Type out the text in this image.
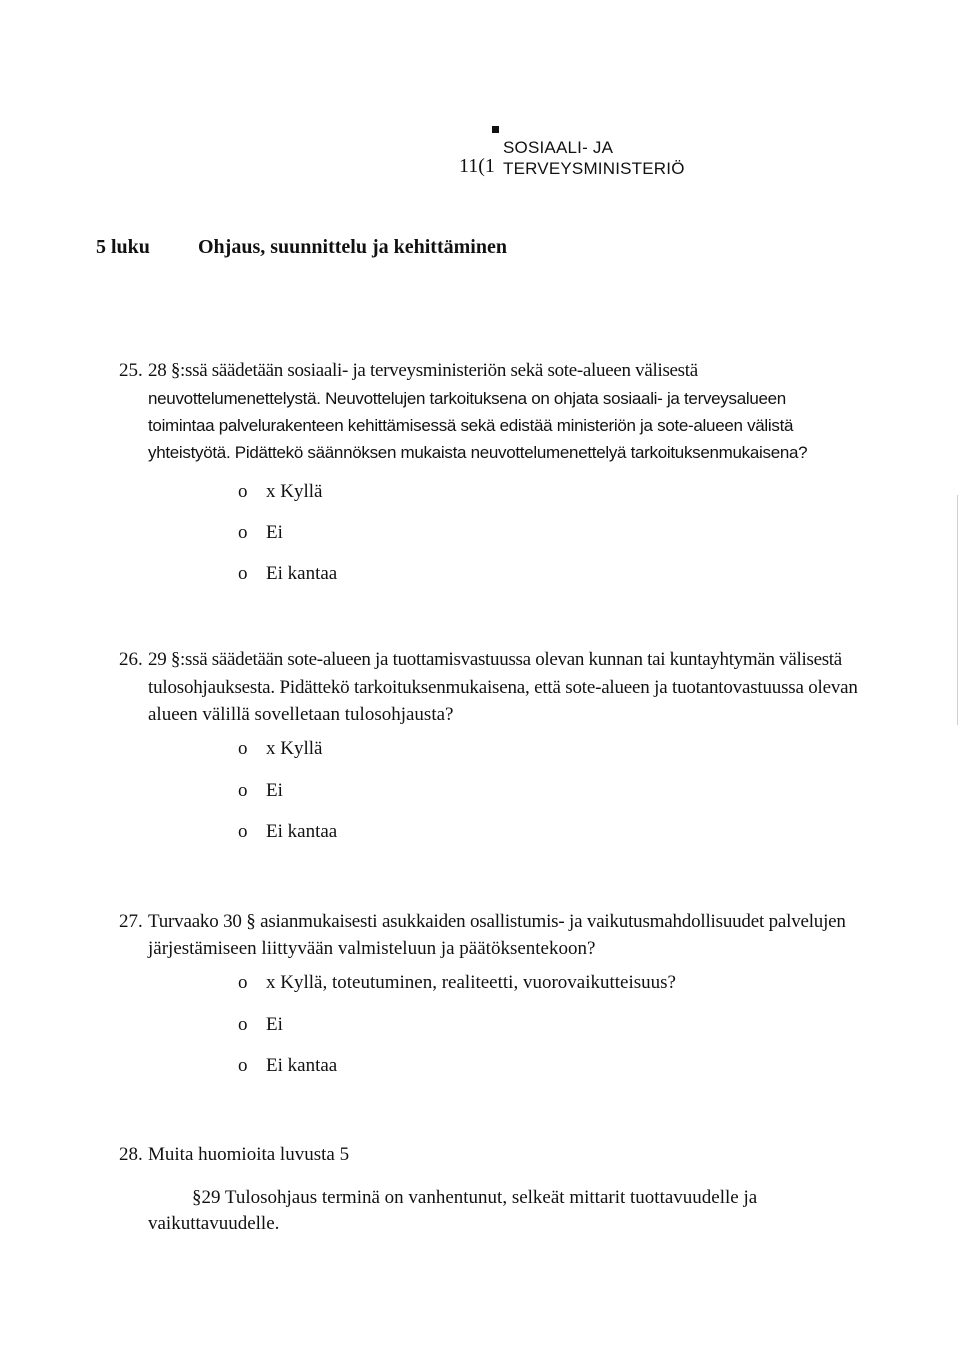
11(1
SOSIAALI- JA
TERVEYSMINISTERIÖ
5 luku Ohjaus, suunnittelu ja kehittäminen
25. 28 §:ssä säädetään sosiaali- ja terveysministeriön sekä sote-alueen välisestä
neuvottelumenettelystä. Neuvottelujen tarkoituksena on ohjata sosiaali- ja terveysalueen
toimintaa palvelurakenteen kehittämisessä sekä edistää ministeriön ja sote-alueen välistä
yhteistyötä. Pidättekö säännöksen mukaista neuvottelumenettelyä tarkoituksenmukaisena?
o x Kyllä
o Ei
o Ei kantaa
26. 29 §:ssä säädetään sote-alueen ja tuottamisvastuussa olevan kunnan tai kuntayhtymän välisestä
tulosohjauksesta. Pidättekö tarkoituksenmukaisena, että sote-alueen ja tuotantovastuussa olevan
alueen välillä sovelletaan tulosohjausta?
o x Kyllä
o Ei
o Ei kantaa
27. Turvaako 30 § asianmukaisesti asukkaiden osallistumis- ja vaikutusmahdollisuudet palvelujen
järjestämiseen liittyvään valmisteluun ja päätöksentekoon?
o x Kyllä, toteutuminen, realiteetti, vuorovaikutteisuus?
o Ei
o Ei kantaa
28. Muita huomioita luvusta 5
§29 Tulosohjaus terminä on vanhentunut, selkeät mittarit tuottavuudelle ja
vaikuttavuudelle.
